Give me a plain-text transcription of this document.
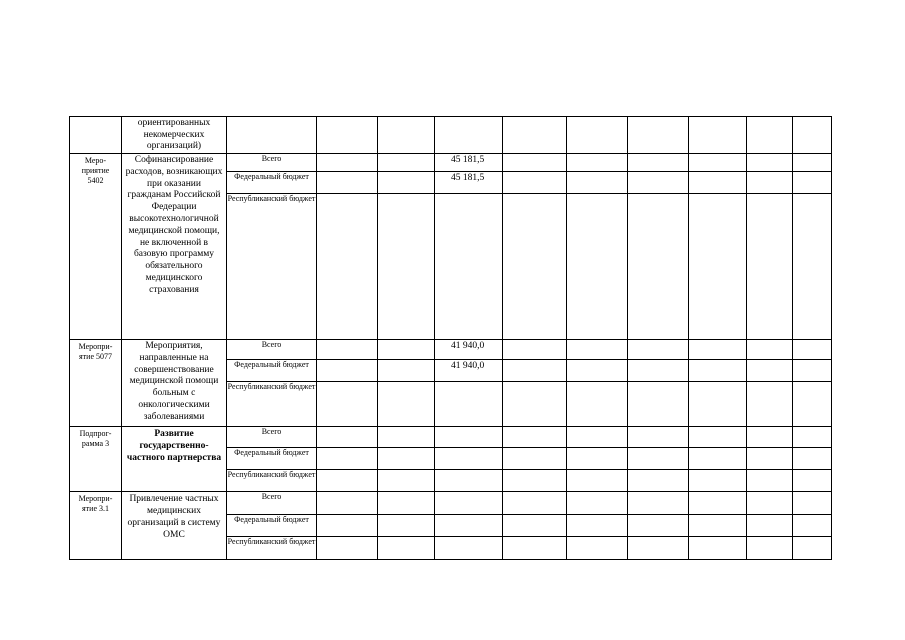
	ориентированных некомерческих организаций)										
Меро-
приятие
5402	Софинансирование расходов, возникающих при оказании гражданам Российской Федерации высокотехнологичной медицинской помощи, не включенной в базовую программу обязательного медицинского страхования	Всего			45 181,5						
		Федеральный бюджет			45 181,5						
		Республиканский бюджет									
Меропри-
ятие 5077	Мероприятия, направленные на совершенствование медицинской помощи больным с онкологическими заболеваниями	Всего			41 940,0						
		Федеральный бюджет			41 940,0						
		Республиканский бюджет									
Подпрог-
рамма 3	Развитие государственно-частного партнерства	Всего									
		Федеральный бюджет									
		Республиканский бюджет									
Меропри-
ятие 3.1	Привлечение частных медицинских организаций в систему ОМС	Всего									
		Федеральный бюджет									
		Республиканский бюджет									
